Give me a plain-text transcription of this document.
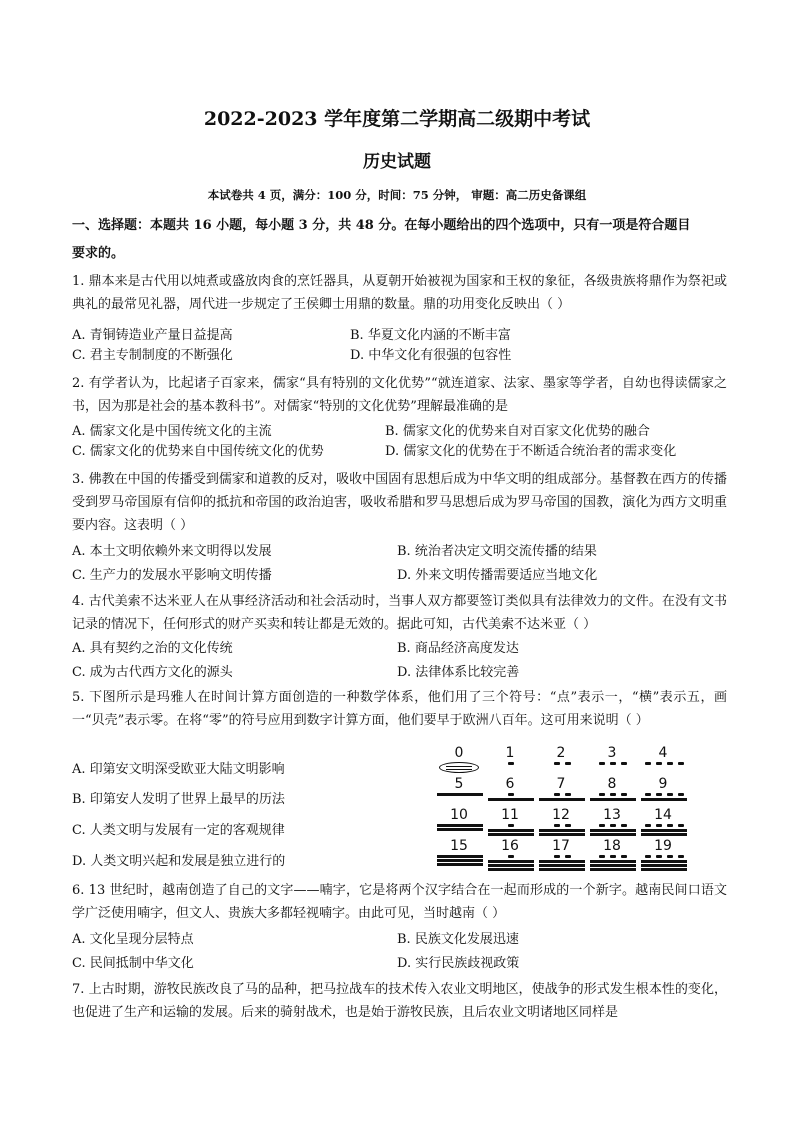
2022-2023 学年度第二学期高二级期中考试
历史试题
本试卷共 4 页，满分：100 分，时间：75 分钟， 审题：高二历史备课组
一、选择题：本题共 16 小题，每小题 3 分，共 48 分。在每小题给出的四个选项中，只有一项是符合题目
要求的。
1. 鼎本来是古代用以炖煮或盛放肉食的烹饪器具，从夏朝开始被视为国家和王权的象征，各级贵族将鼎作为祭祀或典礼的最常见礼器，周代进一步规定了王侯卿士用鼎的数量。鼎的功用变化反映出（ ）
A. 青铜铸造业产量日益提高	B. 华夏文化内涵的不断丰富
C. 君主专制制度的不断强化	D. 中华文化有很强的包容性
2. 有学者认为，比起诸子百家来，儒家“具有特别的文化优势”“就连道家、法家、墨家等学者，自幼也得读儒家之书，因为那是社会的基本教科书”。对儒家“特别的文化优势”理解最准确的是
A. 儒家文化是中国传统文化的主流	B. 儒家文化的优势来自对百家文化优势的融合
C. 儒家文化的优势来自中国传统文化的优势	D. 儒家文化的优势在于不断适合统治者的需求变化
3. 佛教在中国的传播受到儒家和道教的反对，吸收中国固有思想后成为中华文明的组成部分。基督教在西方的传播受到罗马帝国原有信仰的抵抗和帝国的政治迫害，吸收希腊和罗马思想后成为罗马帝国的国教，演化为西方文明重要内容。这表明（ ）
A. 本土文明依赖外来文明得以发展	B. 统治者决定文明交流传播的结果
C. 生产力的发展水平影响文明传播	D. 外来文明传播需要适应当地文化
4. 古代美索不达米亚人在从事经济活动和社会活动时，当事人双方都要签订类似具有法律效力的文件。在没有文书记录的情况下，任何形式的财产买卖和转让都是无效的。据此可知，古代美索不达米亚（ ）
A. 具有契约之治的文化传统	B. 商品经济高度发达
C. 成为古代西方文化的源头	D. 法律体系比较完善
5. 下图所示是玛雅人在时间计算方面创造的一种数学体系，他们用了三个符号：“点”表示一，“横”表示五，画一“贝壳”表示零。在将“零”的符号应用到数字计算方面，他们要早于欧洲八百年。这可用来说明（ ）
A. 印第安文明深受欧亚大陆文明影响
B. 印第安人发明了世界上最早的历法
C. 人类文明与发展有一定的客观规律
D. 人类文明兴起和发展是独立进行的
0	1	2	3	4
5	6	7	8	9
10	11	12	13	14
15	16	17	18	19
6. 13 世纪时，越南创造了自己的文字——喃字，它是将两个汉字结合在一起而形成的一个新字。越南民间口语文学广泛使用喃字，但文人、贵族大多都轻视喃字。由此可见，当时越南（ ）
A. 文化呈现分层特点	B. 民族文化发展迅速
C. 民间抵制中华文化	D. 实行民族歧视政策
7. 上古时期，游牧民族改良了马的品种，把马拉战车的技术传入农业文明地区，使战争的形式发生根本性的变化，也促进了生产和运输的发展。后来的骑射战术，也是始于游牧民族，且后农业文明诸地区同样是
